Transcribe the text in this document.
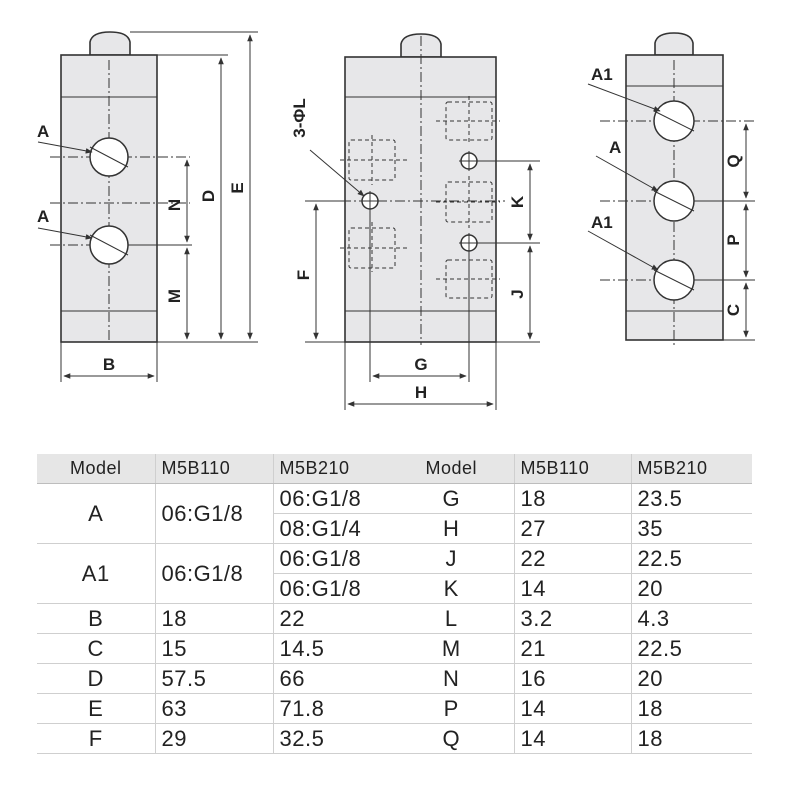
A
A
N
M
D
E
B
3-ΦL
F
K
J
G
H
A1
A
A1
Q
P
C
Model	M5B110	M5B210	Model	M5B110	M5B210
A	06:G1/8	06:G1/8	G	18	23.5
		08:G1/4	H	27	35
A1	06:G1/8	06:G1/8	J	22	22.5
		06:G1/8	K	14	20
B	18	22	L	3.2	4.3
C	15	14.5	M	21	22.5
D	57.5	66	N	16	20
E	63	71.8	P	14	18
F	29	32.5	Q	14	18
